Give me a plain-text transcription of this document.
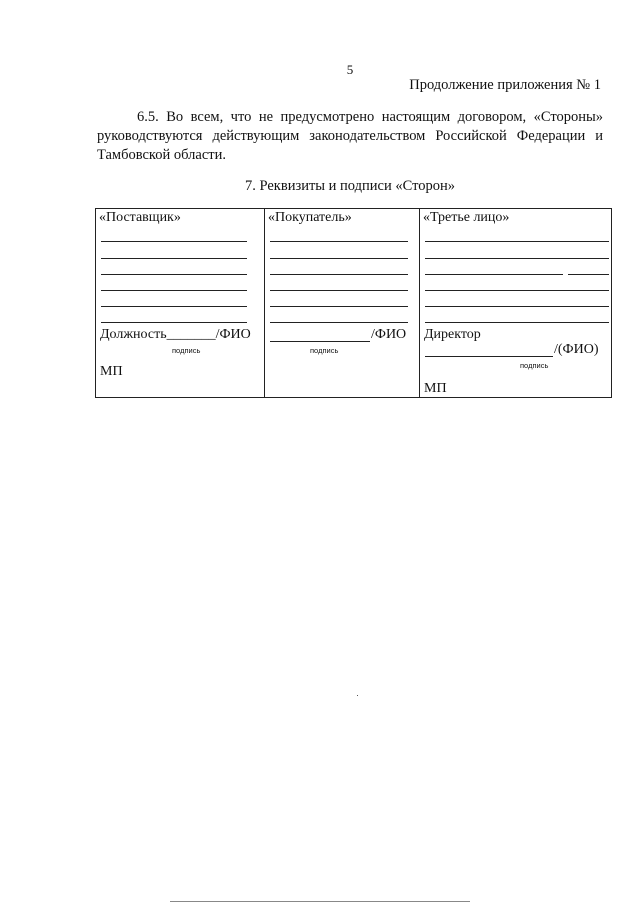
5
Продолжение приложения № 1
6.5. Во всем, что не предусмотрено настоящим договором, «Стороны» руководствуются действующим законодательством Российской Федерации и Тамбовской области.
7. Реквизиты и подписи «Сторон»
«Поставщик»
Должность_______/ФИО
подпись
МП

«Покупатель»
/ФИО
подпись

«Третье лицо»
Директор
/(ФИО)
подпись
МП
